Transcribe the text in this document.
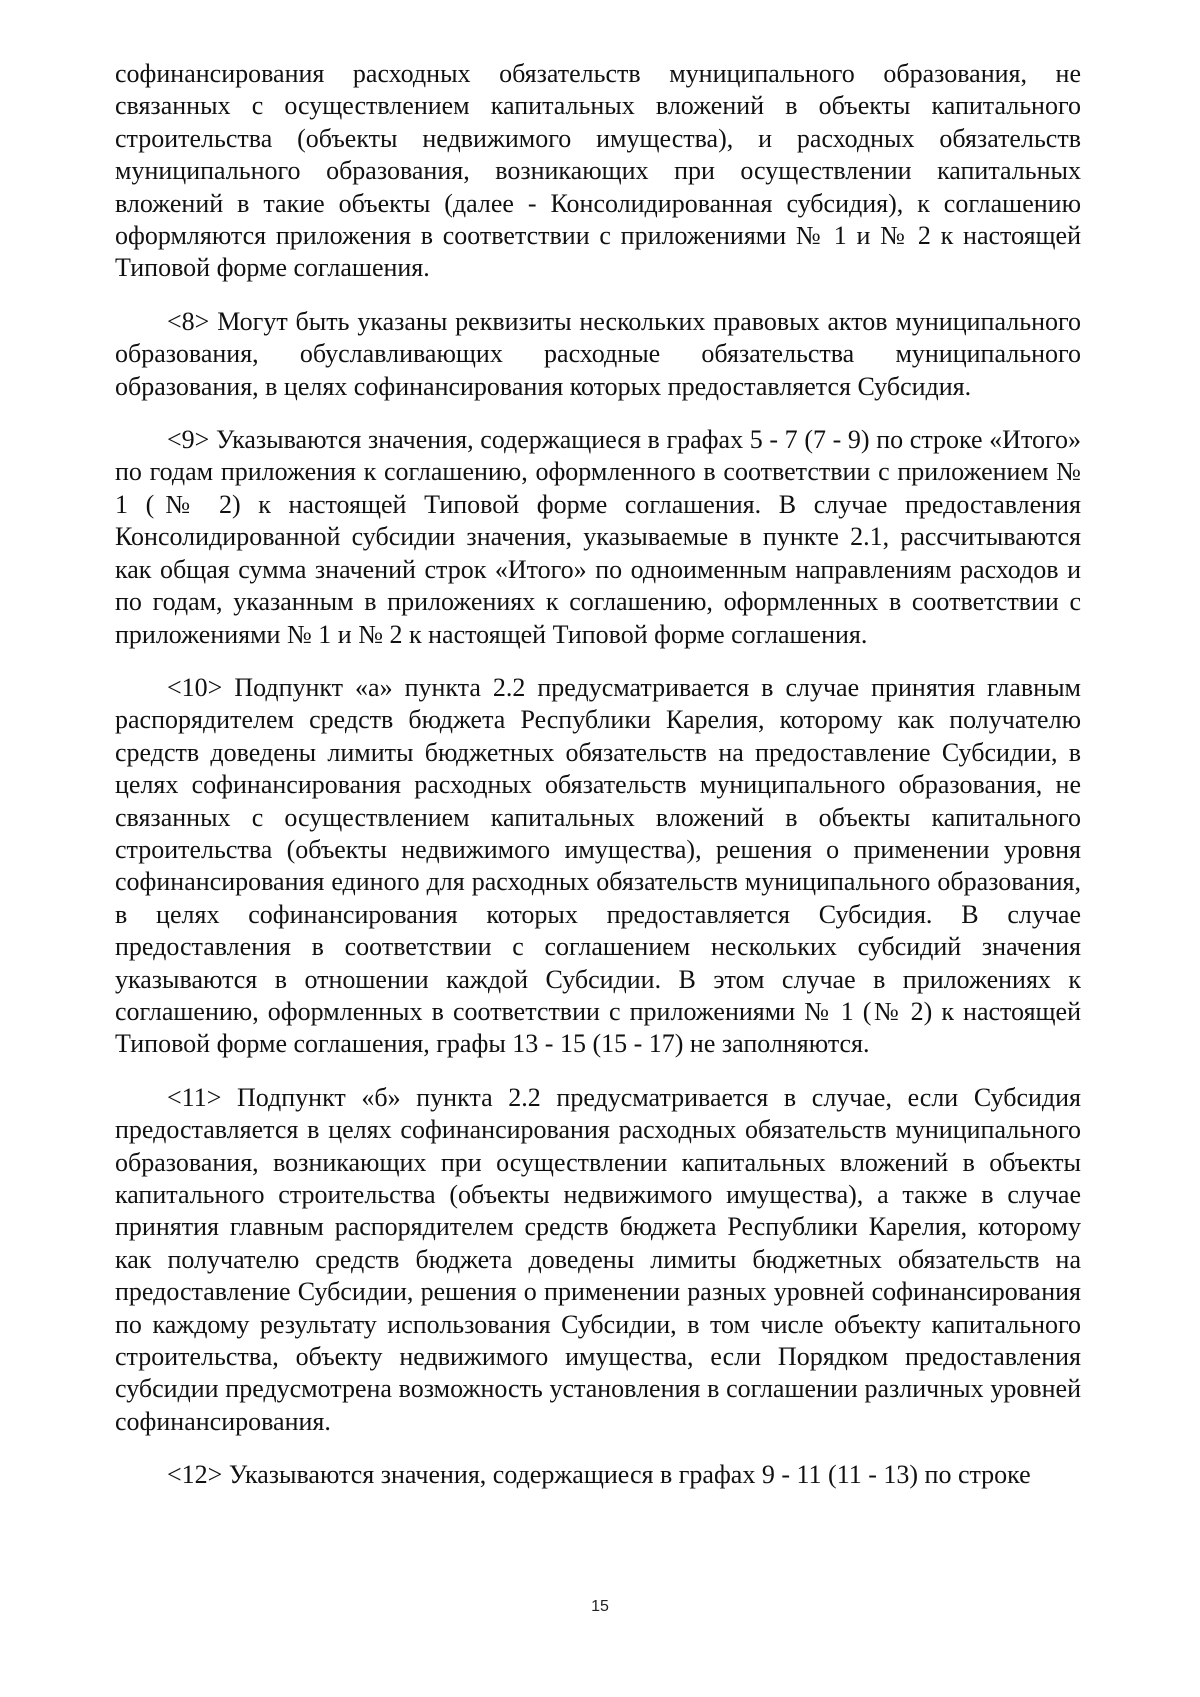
софинансирования расходных обязательств муниципального образования, не связанных с осуществлением капитальных вложений в объекты капитального строительства (объекты недвижимого имущества), и расходных обязательств муниципального образования, возникающих при осуществлении капитальных вложений в такие объекты (далее - Консолидированная субсидия), к соглашению оформляются приложения в соответствии с приложениями № 1 и № 2 к настоящей Типовой форме соглашения.

<8> Могут быть указаны реквизиты нескольких правовых актов муниципального образования, обуславливающих расходные обязательства муниципального образования, в целях софинансирования которых предоставляется Субсидия.

<9> Указываются значения, содержащиеся в графах 5 - 7 (7 - 9) по строке «Итого» по годам приложения к соглашению, оформленного в соответствии с приложением № 1 (№ 2) к настоящей Типовой форме соглашения. В случае предоставления Консолидированной субсидии значения, указываемые в пункте 2.1, рассчитываются как общая сумма значений строк «Итого» по одноименным направлениям расходов и по годам, указанным в приложениях к соглашению, оформленных в соответствии с приложениями № 1 и № 2 к настоящей Типовой форме соглашения.

<10> Подпункт «а» пункта 2.2 предусматривается в случае принятия главным распорядителем средств бюджета Республики Карелия, которому как получателю средств доведены лимиты бюджетных обязательств на предоставление Субсидии, в целях софинансирования расходных обязательств муниципального образования, не связанных с осуществлением капитальных вложений в объекты капитального строительства (объекты недвижимого имущества), решения о применении уровня софинансирования единого для расходных обязательств муниципального образования, в целях софинансирования которых предоставляется Субсидия. В случае предоставления в соответствии с соглашением нескольких субсидий значения указываются в отношении каждой Субсидии. В этом случае в приложениях к соглашению, оформленных в соответствии с приложениями № 1 (№ 2) к настоящей Типовой форме соглашения, графы 13 - 15 (15 - 17) не заполняются.

<11> Подпункт «б» пункта 2.2 предусматривается в случае, если Субсидия предоставляется в целях софинансирования расходных обязательств муниципального образования, возникающих при осуществлении капитальных вложений в объекты капитального строительства (объекты недвижимого имущества), а также в случае принятия главным распорядителем средств бюджета Республики Карелия, которому как получателю средств бюджета доведены лимиты бюджетных обязательств на предоставление Субсидии, решения о применении разных уровней софинансирования по каждому результату использования Субсидии, в том числе объекту капитального строительства, объекту недвижимого имущества, если Порядком предоставления субсидии предусмотрена возможность установления в соглашении различных уровней софинансирования.

<12> Указываются значения, содержащиеся в графах 9 - 11 (11 - 13) по строке

15
